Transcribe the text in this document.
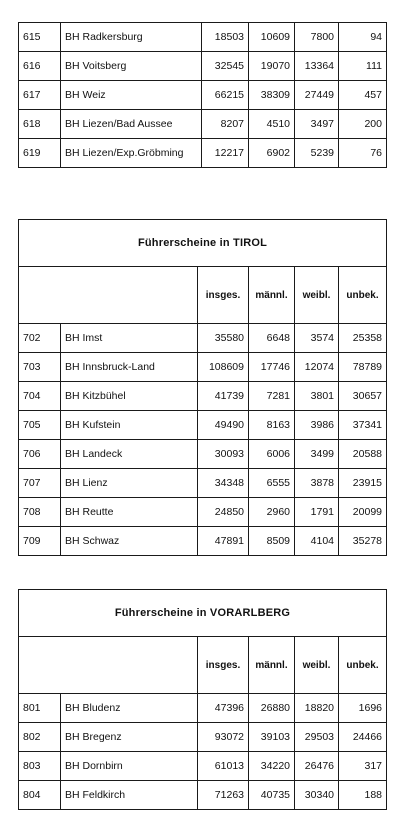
615	BH Radkersburg	18503	10609	7800	94
616	BH Voitsberg	32545	19070	13364	111
617	BH Weiz	66215	38309	27449	457
618	BH Liezen/Bad Aussee	8207	4510	3497	200
619	BH Liezen/Exp.Gröbming	12217	6902	5239	76
Führerscheine in TIROL					
		insges.	männl.	weibl.	unbek.
702	BH Imst	35580	6648	3574	25358
703	BH Innsbruck-Land	108609	17746	12074	78789
704	BH Kitzbühel	41739	7281	3801	30657
705	BH Kufstein	49490	8163	3986	37341
706	BH Landeck	30093	6006	3499	20588
707	BH Lienz	34348	6555	3878	23915
708	BH Reutte	24850	2960	1791	20099
709	BH Schwaz	47891	8509	4104	35278
Führerscheine in VORARLBERG					
		insges.	männl.	weibl.	unbek.
801	BH Bludenz	47396	26880	18820	1696
802	BH Bregenz	93072	39103	29503	24466
803	BH Dornbirn	61013	34220	26476	317
804	BH Feldkirch	71263	40735	30340	188
